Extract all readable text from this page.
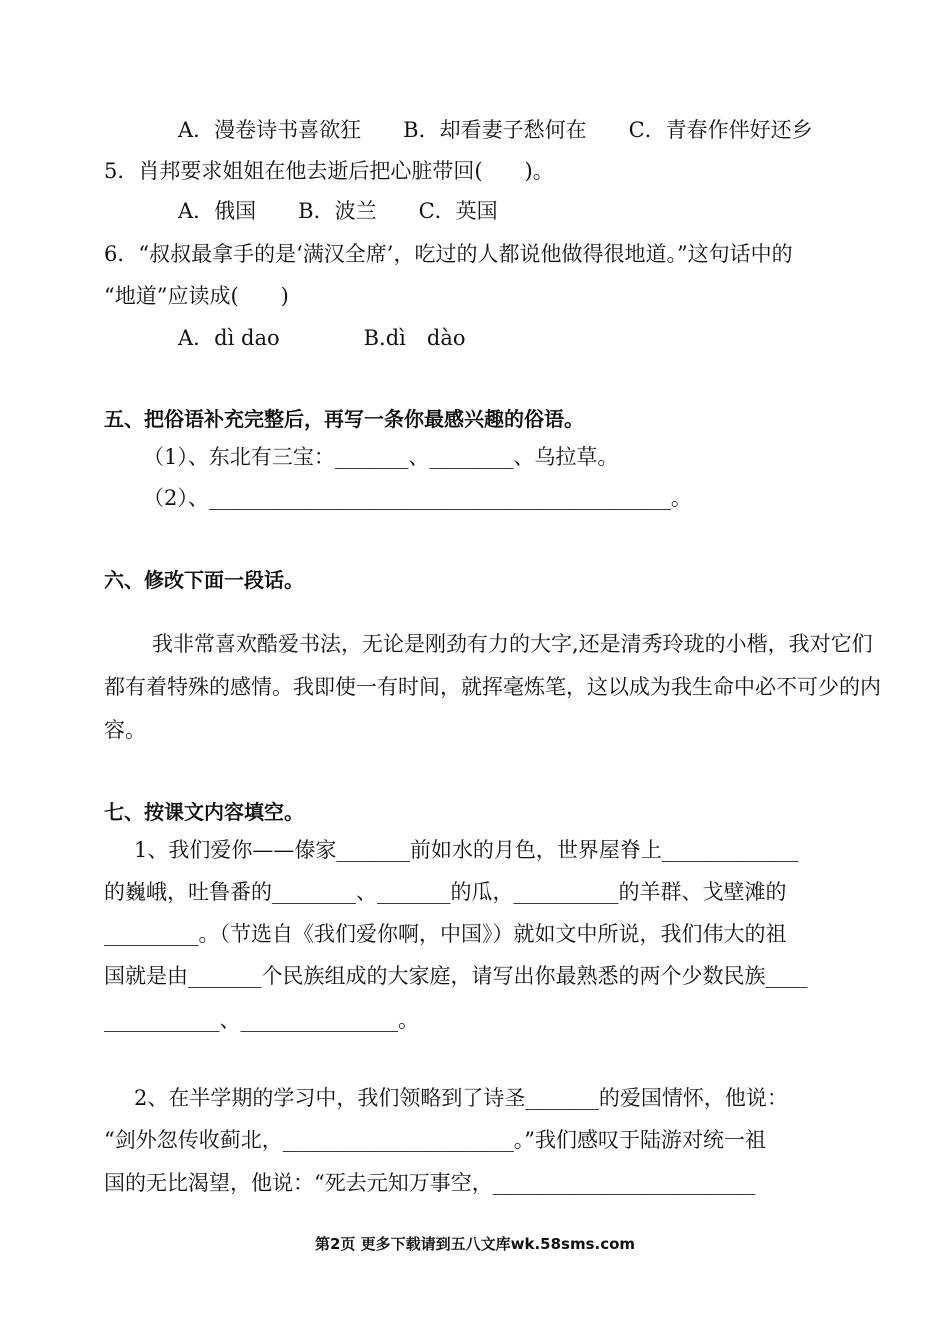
A．漫卷诗书喜欲狂　　B．却看妻子愁何在　　C．青春作伴好还乡
5．肖邦要求姐姐在他去逝后把心脏带回(　　)。
A．俄国　　B．波兰　　C．英国
6．“叔叔最拿手的是‘满汉全席’，吃过的人都说他做得很地道。”这句话中的
“地道”应读成(　　)
A．dì dao　　　　B.dì　dào
五、把俗语补充完整后，再写一条你最感兴趣的俗语。
（1）、东北有三宝：_______、________、乌拉草。
（2）、____________________________________________。
六、修改下面一段话。
我非常喜欢酷爱书法，无论是刚劲有力的大字,还是清秀玲珑的小楷，我对它们
都有着特殊的感情。我即使一有时间，就挥毫炼笔，这以成为我生命中必不可少的内
容。
七、按课文内容填空。
1、我们爱你——傣家_______前如水的月色，世界屋脊上_____________
的巍峨，吐鲁番的________、_______的瓜，__________的羊群、戈壁滩的
_________。（节选自《我们爱你啊，中国》）就如文中所说，我们伟大的祖
国就是由_______个民族组成的大家庭，请写出你最熟悉的两个少数民族____
___________、_______________。
2、在半学期的学习中，我们领略到了诗圣_______的爱国情怀，他说：
“剑外忽传收蓟北，______________________。”我们感叹于陆游对统一祖
国的无比渴望，他说：“死去元知万事空，_________________________
第2页 更多下载请到五八文库wk.58sms.com
